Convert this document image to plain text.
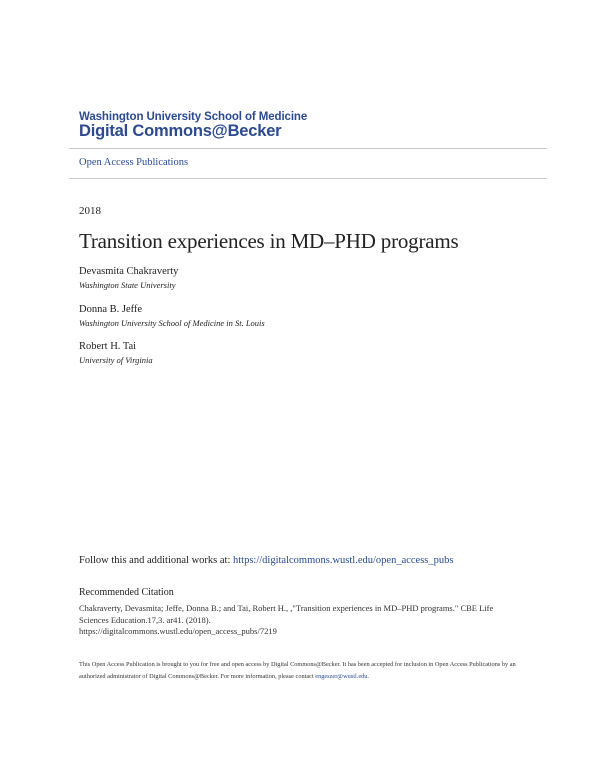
Washington University School of Medicine
Digital Commons@Becker
Open Access Publications
2018
Transition experiences in MD–PHD programs
Devasmita Chakraverty
Washington State University
Donna B. Jeffe
Washington University School of Medicine in St. Louis
Robert H. Tai
University of Virginia
Follow this and additional works at: https://digitalcommons.wustl.edu/open_access_pubs
Recommended Citation
Chakraverty, Devasmita; Jeffe, Donna B.; and Tai, Robert H., ,"Transition experiences in MD–PHD programs." CBE Life Sciences Education.17,3. ar41. (2018).
https://digitalcommons.wustl.edu/open_access_pubs/7219
This Open Access Publication is brought to you for free and open access by Digital Commons@Becker. It has been accepted for inclusion in Open Access Publications by an authorized administrator of Digital Commons@Becker. For more information, please contact engeszer@wustl.edu.
